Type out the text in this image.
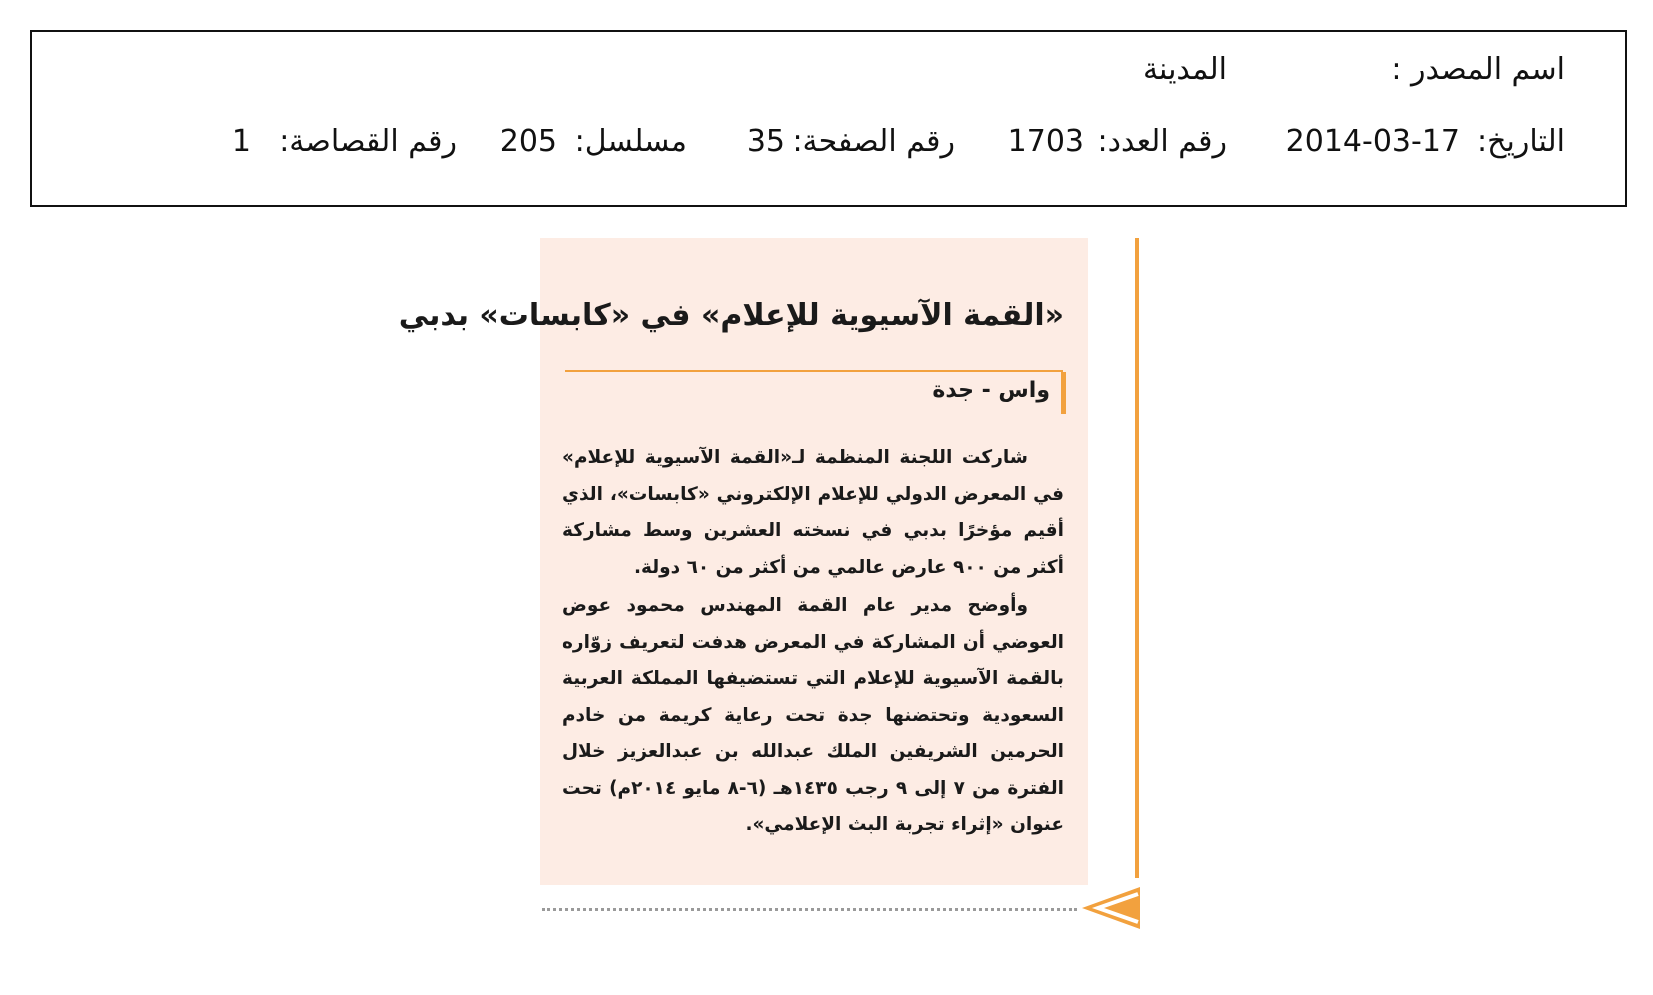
اسم المصدر :
المدينة
التاريخ:
2014-03-17
رقم العدد:
1703
رقم الصفحة:
35
مسلسل:
205
رقم القصاصة:
1
«القمة الآسيوية للإعلام» في «كابسات» بدبي
واس - جدة

شاركت اللجنة المنظمة لـ«القمة الآسيوية للإعلام» في المعرض الدولي للإعلام الإلكتروني «كابسات»، الذي أقيم مؤخرًا بدبي في نسخته العشرين وسط مشاركة أكثر من ٩٠٠ عارض عالمي من أكثر من ٦٠ دولة.

وأوضح مدير عام القمة المهندس محمود عوض العوضي أن المشاركة في المعرض هدفت لتعريف زوّاره بالقمة الآسيوية للإعلام التي تستضيفها المملكة العربية السعودية وتحتضنها جدة تحت رعاية كريمة من خادم الحرمين الشريفين الملك عبدالله بن عبدالعزيز خلال الفترة من ٧ إلى ٩ رجب ١٤٣٥هـ (٦-٨ مايو ٢٠١٤م) تحت عنوان «إثراء تجربة البث الإعلامي».
